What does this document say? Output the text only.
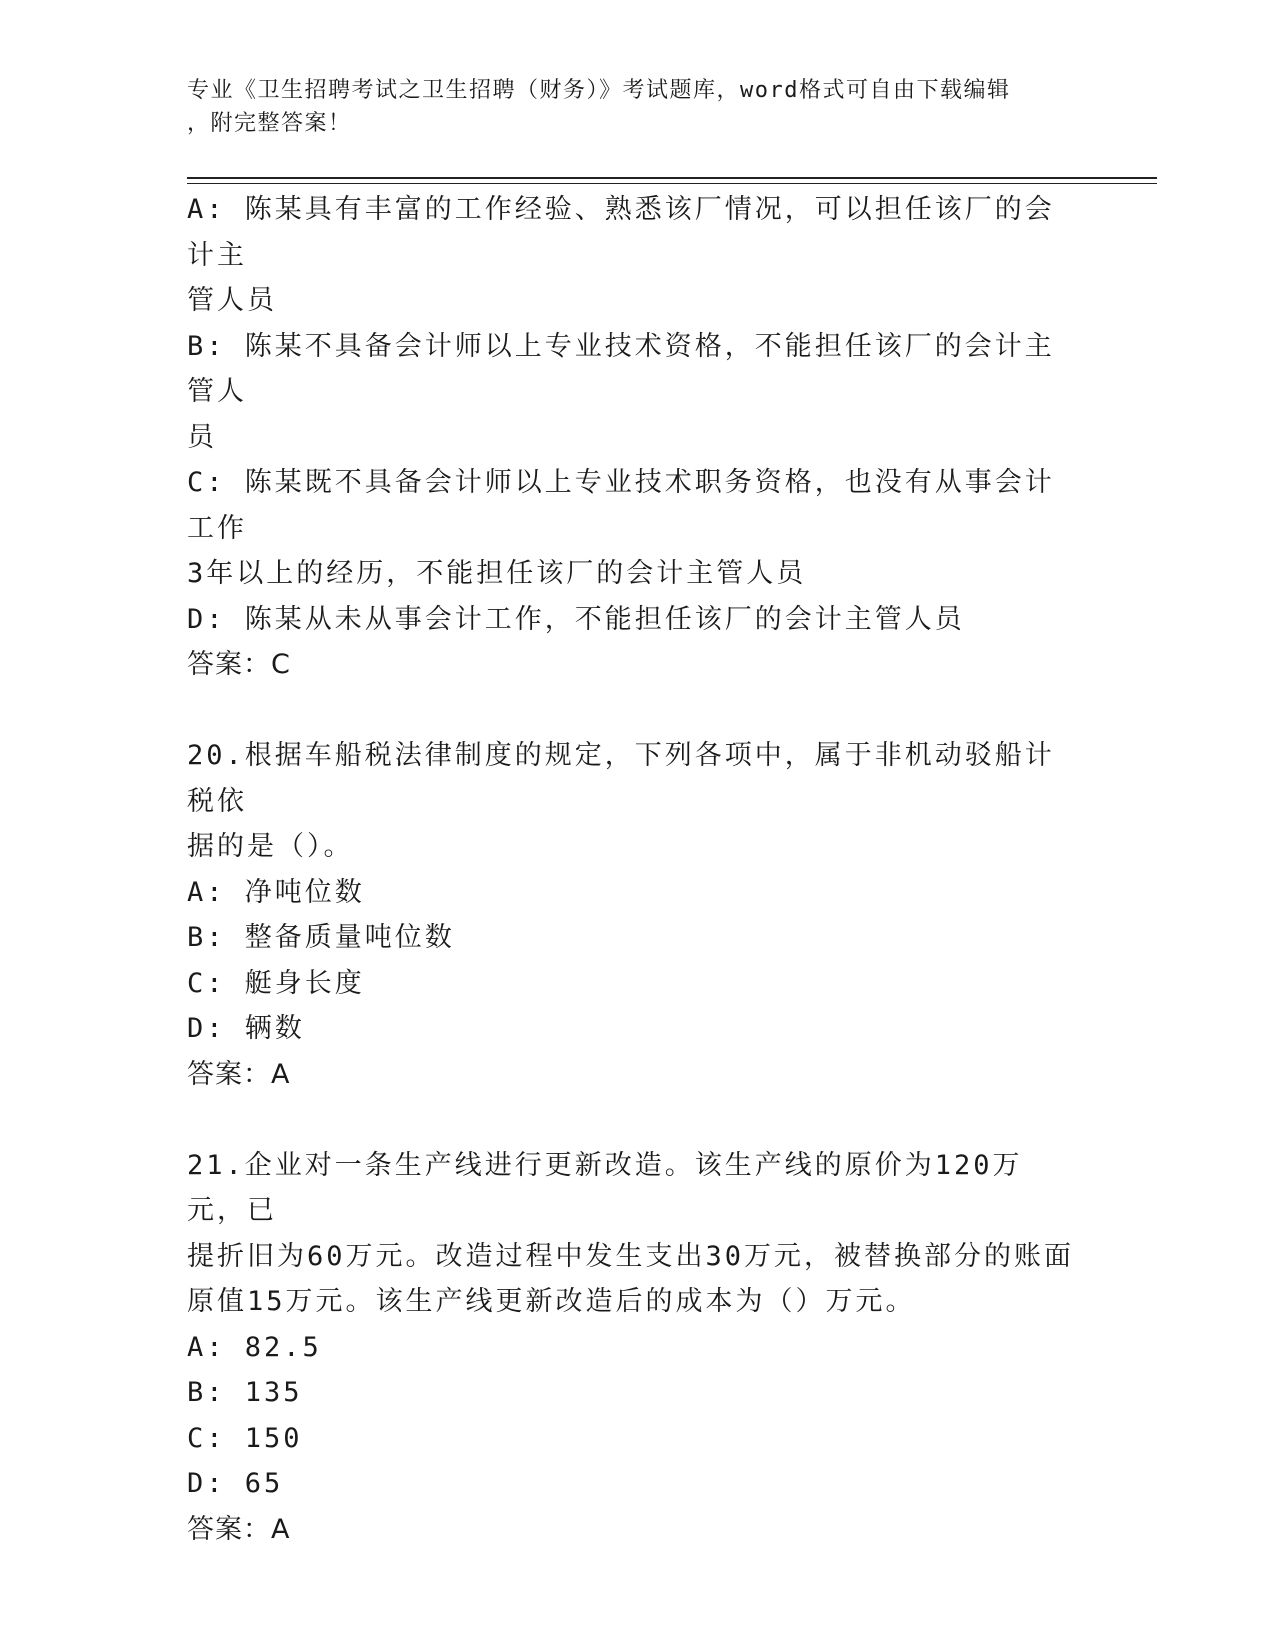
专业《卫生招聘考试之卫生招聘（财务）》考试题库，word格式可自由下载编辑
，附完整答案！
A: 陈某具有丰富的工作经验、熟悉该厂情况，可以担任该厂的会计主
管人员
B: 陈某不具备会计师以上专业技术资格，不能担任该厂的会计主管人
员
C: 陈某既不具备会计师以上专业技术职务资格，也没有从事会计工作
3年以上的经历，不能担任该厂的会计主管人员
D: 陈某从未从事会计工作，不能担任该厂的会计主管人员
答案：C
20.根据车船税法律制度的规定，下列各项中，属于非机动驳船计税依
据的是（）。
A: 净吨位数
B: 整备质量吨位数
C: 艇身长度
D: 辆数
答案：A
21.企业对一条生产线进行更新改造。该生产线的原价为120万元，已
提折旧为60万元。改造过程中发生支出30万元，被替换部分的账面
原值15万元。该生产线更新改造后的成本为（）万元。
A: 82.5
B: 135
C: 150
D: 65
答案：A
